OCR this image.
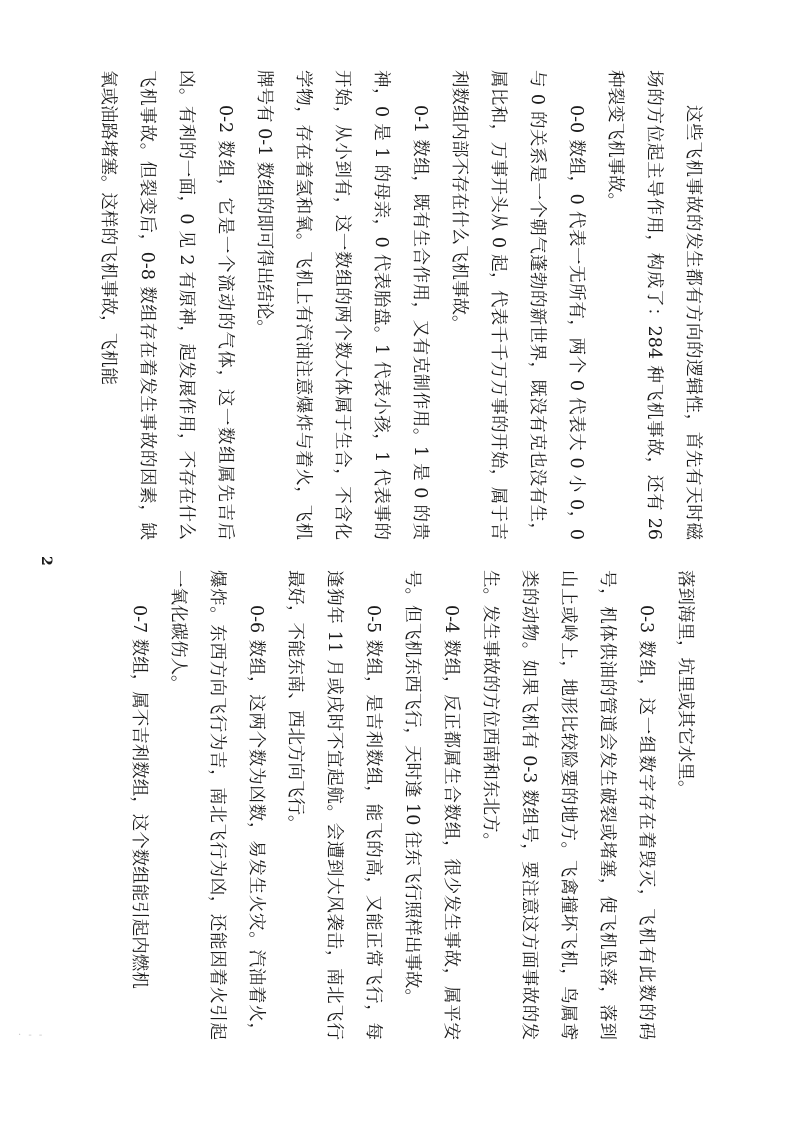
这些飞机事故的发生都有方向的逻辑性，首先有天时磁场的方位起主导作用，构成了：284 种飞机事故，还有 26 种裂变飞机事故。

0-0 数组，0 代表一无所有，两个 0 代表大 0 小 0，0 与 0 的关系是一个朝气蓬勃的新世界，既没有克也没有生，属比和，万事开头从 0 起，代表千千万万事的开始，属于吉利数组内部不存在什么飞机事故。

0-1 数组，既有生合作用，又有克制作用。1 是 0 的贵神，0 是 1 的母亲，0 代表胎盘。1 代表小孩，1 代表事的开始，从小到有，这一数组的两个数大体属于生合，不含化学物，存在着氢和氧。飞机上有汽油注意爆炸与着火，飞机牌号有 0-1 数组的即可得出结论。

0-2 数组，它是一个流动的气体，这一数组属先吉后凶。有利的一面，0 见 2 有原神，起发展作用，不存在什么飞机事故。但裂变后，0-8 数组存在着发生事故的因素，缺氧或油路堵塞。这样的飞机事故，飞机能

落到海里，坑里或其它水里。

0-3 数组，这一组数字存在着毁灭，飞机有此数的码号，机体供油的管道会发生破裂或堵塞，使飞机坠落，落到山上或岭上，地形比较险要的地方。飞禽撞坏飞机，鸟属鸢类的动物。如果飞机有 0-3 数组号，要注意这方面事故的发生。发生事故的方位西南和东北方。

0-4 数组，反正都属生合数组，很少发生事故，属平安号。但飞机东西飞行，天时逢 10 往东飞行照样出事故。

0-5 数组，是吉利数组，能飞的高，又能正常飞行，每逢狗年 11 月或戌时不宜起航。会遭到大风袭击，南北飞行最好，不能东南、西北方向飞行。

0-6 数组，这两个数为凶数，易发生火灾。汽油着火，爆炸。东西方向飞行为吉，南北飞行为凶，还能因着火引起一氧化碳伤人。

0-7 数组，属不吉利数组，这个数组能引起内燃机

2
· - -
